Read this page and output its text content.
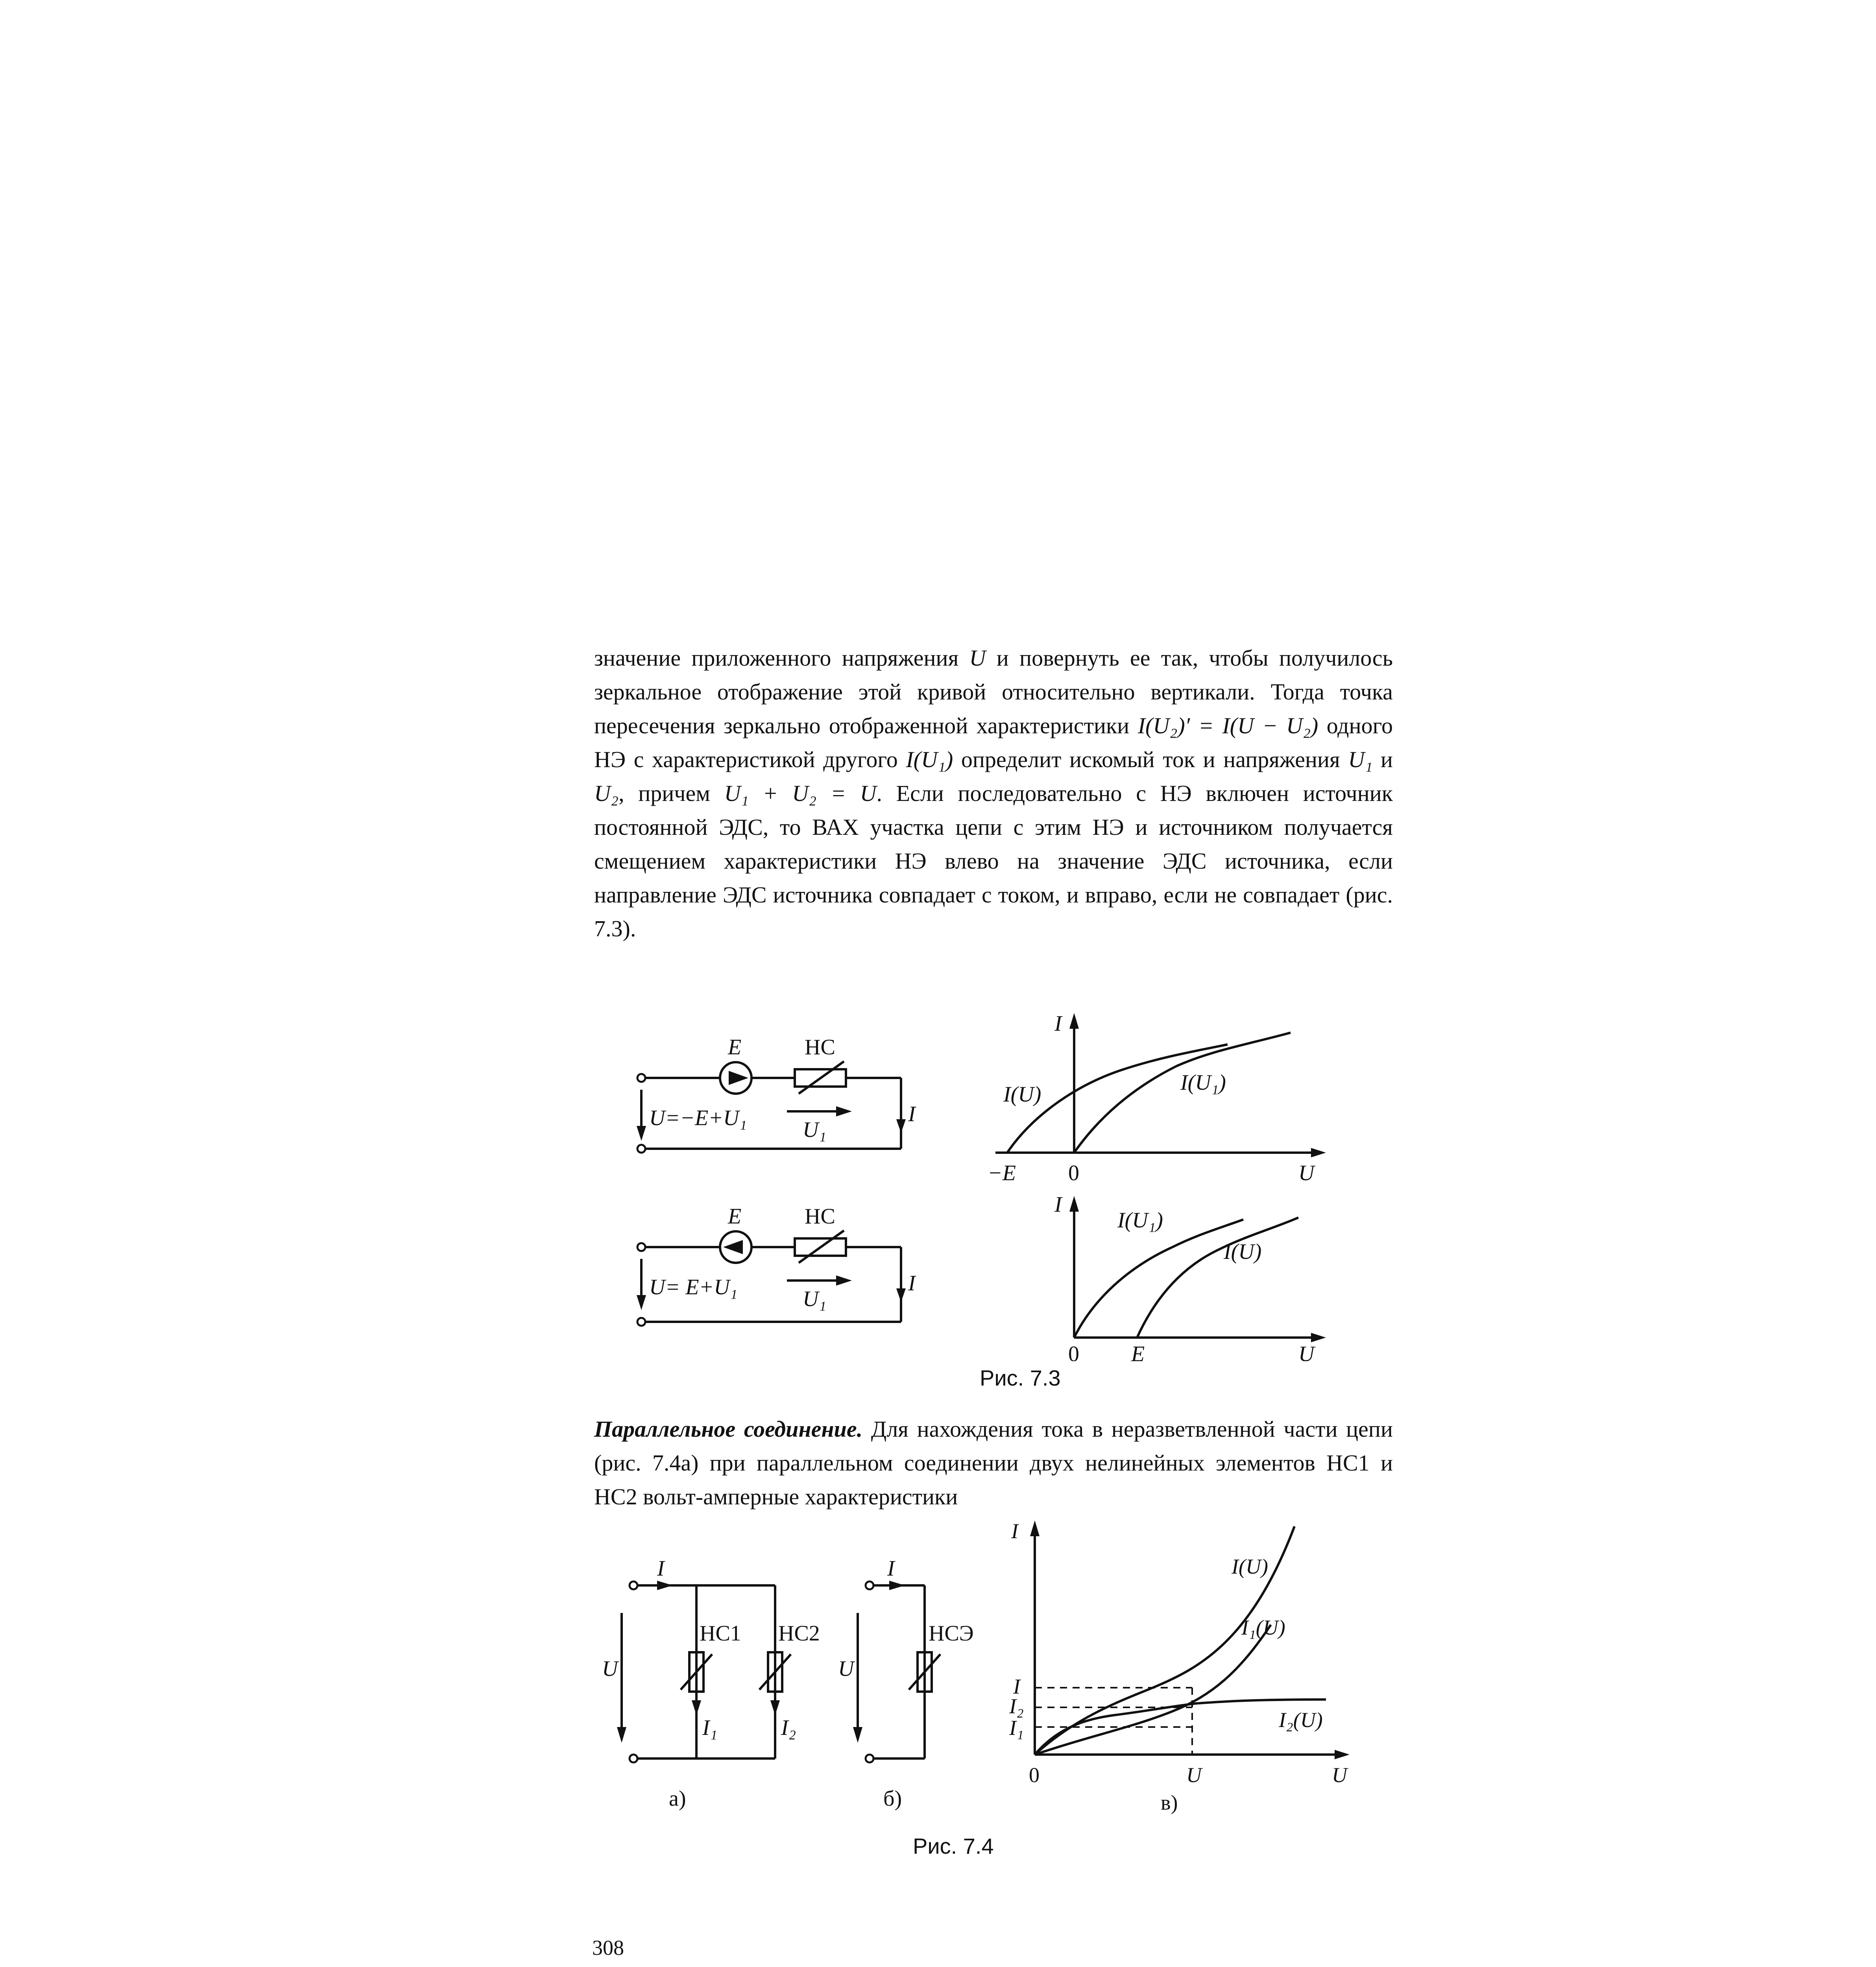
значение приложенного напряжения U и повернуть ее так, чтобы получилось зеркальное отображение этой кривой относительно вертикали. Тогда точка пересечения зеркально отображенной характеристики I(U₂)′ = I(U − U₂) одного НЭ с характеристикой другого I(U₁) определит искомый ток и напряжения U₁ и U₂, причем U₁ + U₂ = U. Если последовательно с НЭ включен источник постоянной ЭДС, то ВАХ участка цепи с этим НЭ и источником получается смещением характеристики НЭ влево на значение ЭДС источника, если направление ЭДС источника совпадает с током, и вправо, если не совпадает (рис. 7.3).

E	НС
U=−E+U₁	U₁
I
E	НС
U= E+U₁	U₁
I
I
U
−E 0
I(U)	I(U₁)
I
U
0 E
I(U₁)
I(U)
Рис. 7.3

Параллельное соединение. Для нахождения тока в неразветвленной части цепи (рис. 7.4а) при параллельном соединении двух нелинейных элементов НС1 и НС2 вольт-амперные характеристики

I
U
НС1 НС2
I₁	I₂
а)
I
U
НСЭ
б)
I
U
0	U
I
I₂
I₁
I(U)
I₁(U)
I₂(U)
в)
Рис. 7.4
308
